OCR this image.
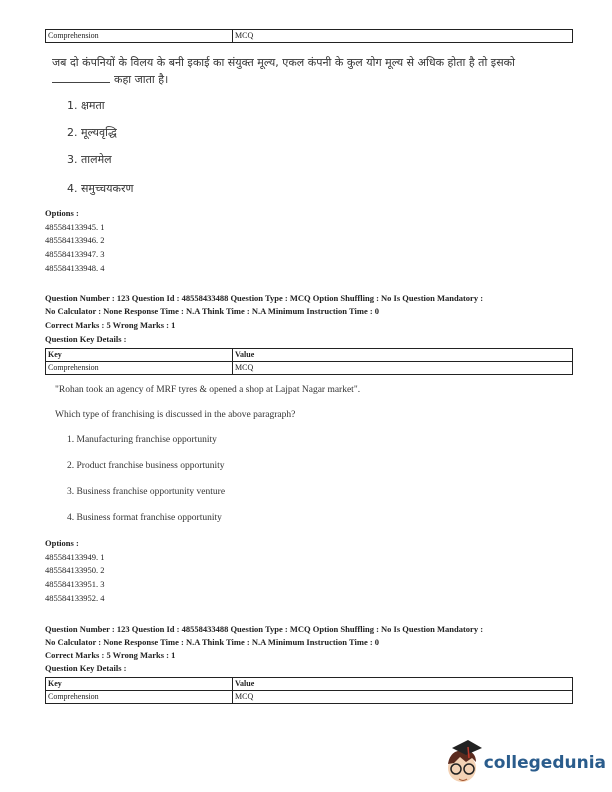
Comprehension	MCQ
जब दो कंपनियों के विलय के बनी इकाई का संयुक्त मूल्य, एकल कंपनी के कुल योग मूल्य से अधिक होता है तो इसको
कहा जाता है।
1. क्षमता
2. मूल्यवृद्धि
3. तालमेल
4. समुच्चयकरण
Options :
485584133945. 1
485584133946. 2
485584133947. 3
485584133948. 4
Question Number : 123 Question Id : 48558433488 Question Type : MCQ Option Shuffling : No Is Question Mandatory :
No Calculator : None Response Time : N.A Think Time : N.A Minimum Instruction Time : 0
Correct Marks : 5 Wrong Marks : 1
Question Key Details :
Key	Value
Comprehension	MCQ
"Rohan took an agency of MRF tyres & opened a shop at Lajpat Nagar market".
Which type of franchising is discussed in the above paragraph?
1. Manufacturing franchise opportunity
2. Product franchise business opportunity
3. Business franchise opportunity venture
4. Business format franchise opportunity
Options :
485584133949. 1
485584133950. 2
485584133951. 3
485584133952. 4
Question Number : 123 Question Id : 48558433488 Question Type : MCQ Option Shuffling : No Is Question Mandatory :
No Calculator : None Response Time : N.A Think Time : N.A Minimum Instruction Time : 0
Correct Marks : 5 Wrong Marks : 1
Question Key Details :
Key	Value
Comprehension	MCQ
collegedunia
